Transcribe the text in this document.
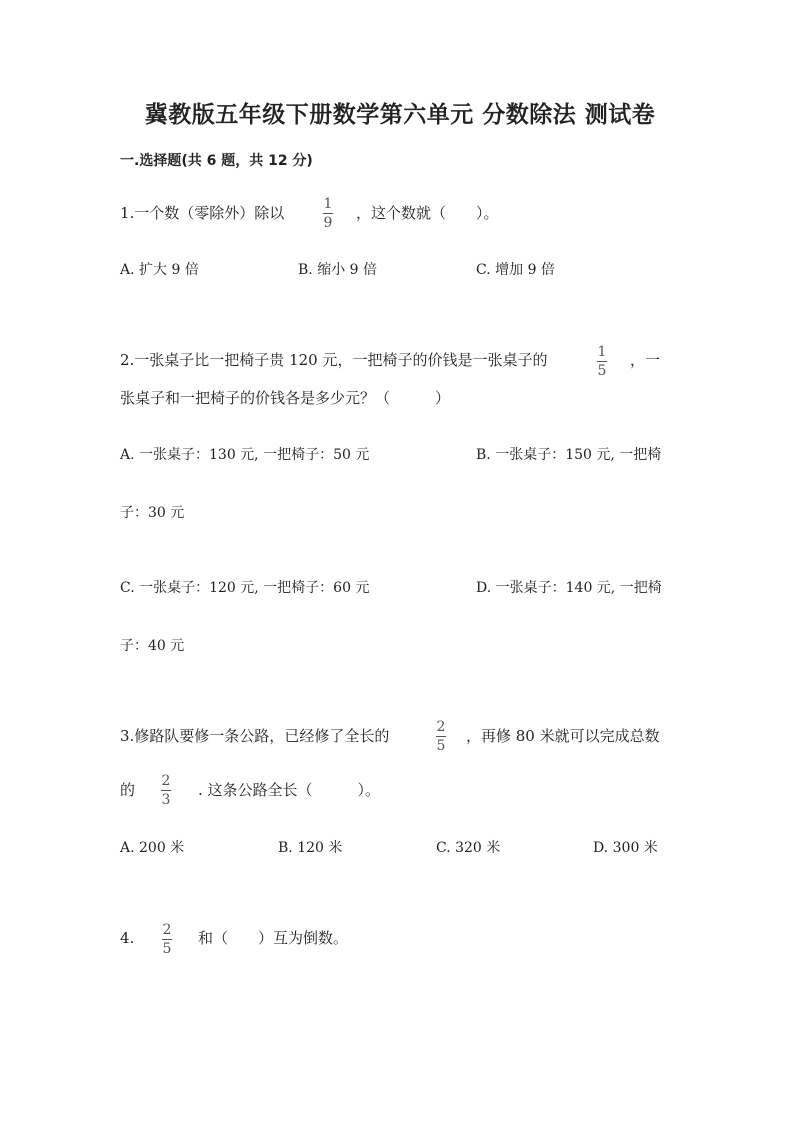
冀教版五年级下册数学第六单元 分数除法 测试卷
一.选择题(共 6 题，共 12 分)
1.一个数（零除外）除以	1
9
，这个数就（　　）。
A. 扩大 9 倍	B. 缩小 9 倍	C. 增加 9 倍
2.一张桌子比一把椅子贵 120 元，一把椅子的价钱是一张桌子的	1
5
，一
张桌子和一把椅子的价钱各是多少元？（　　　）
A. 一张桌子：130 元, 一把椅子：50 元	B. 一张桌子：150 元, 一把椅
子：30 元
C. 一张桌子：120 元, 一把椅子：60 元	D. 一张桌子：140 元, 一把椅
子：40 元
3.修路队要修一条公路，已经修了全长的	2
5
，再修 80 米就可以完成总数
的 2
3
. 这条公路全长（　　　）。
A. 200 米	B. 120 米	C. 320 米	D. 300 米
4. 2
5
和（　　）互为倒数。
